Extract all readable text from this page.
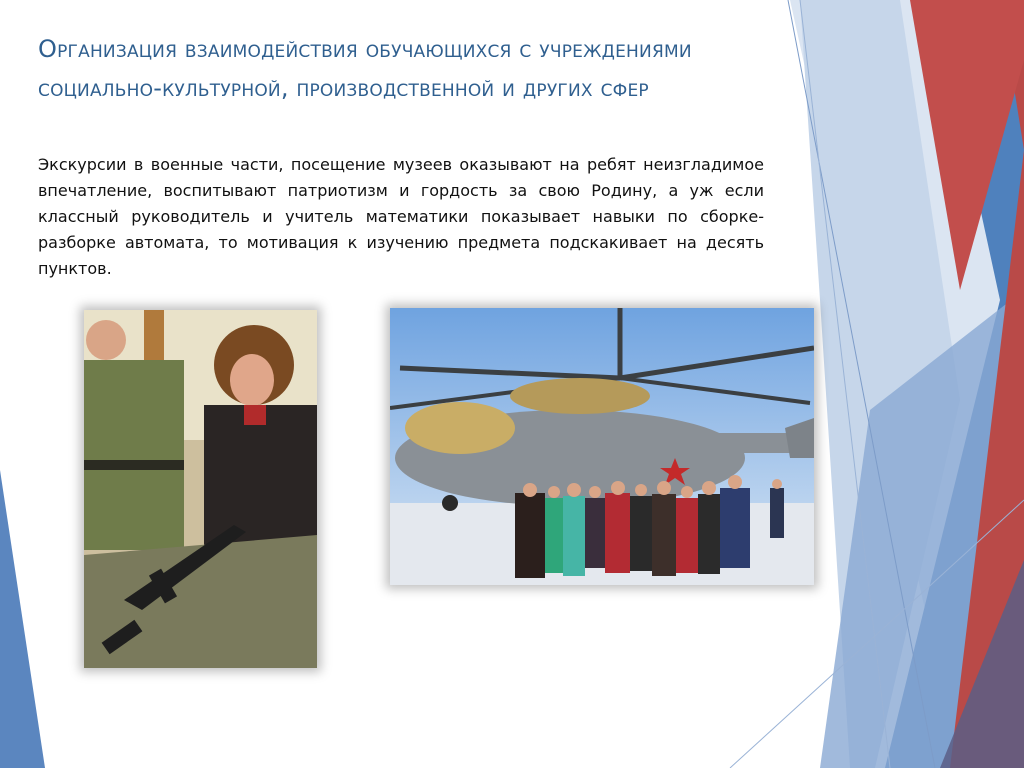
Организация взаимодействия обучающихся с учреждениями социально-культурной, производственной и других сфер

Экскурсии в военные части, посещение музеев оказывают на ребят неизгладимое впечатление, воспитывают патриотизм и гордость за свою Родину, а уж если классный руководитель и учитель математики показывает навыки по сборке-разборке автомата, то мотивация к изучению предмета подскакивает на десять пунктов.
